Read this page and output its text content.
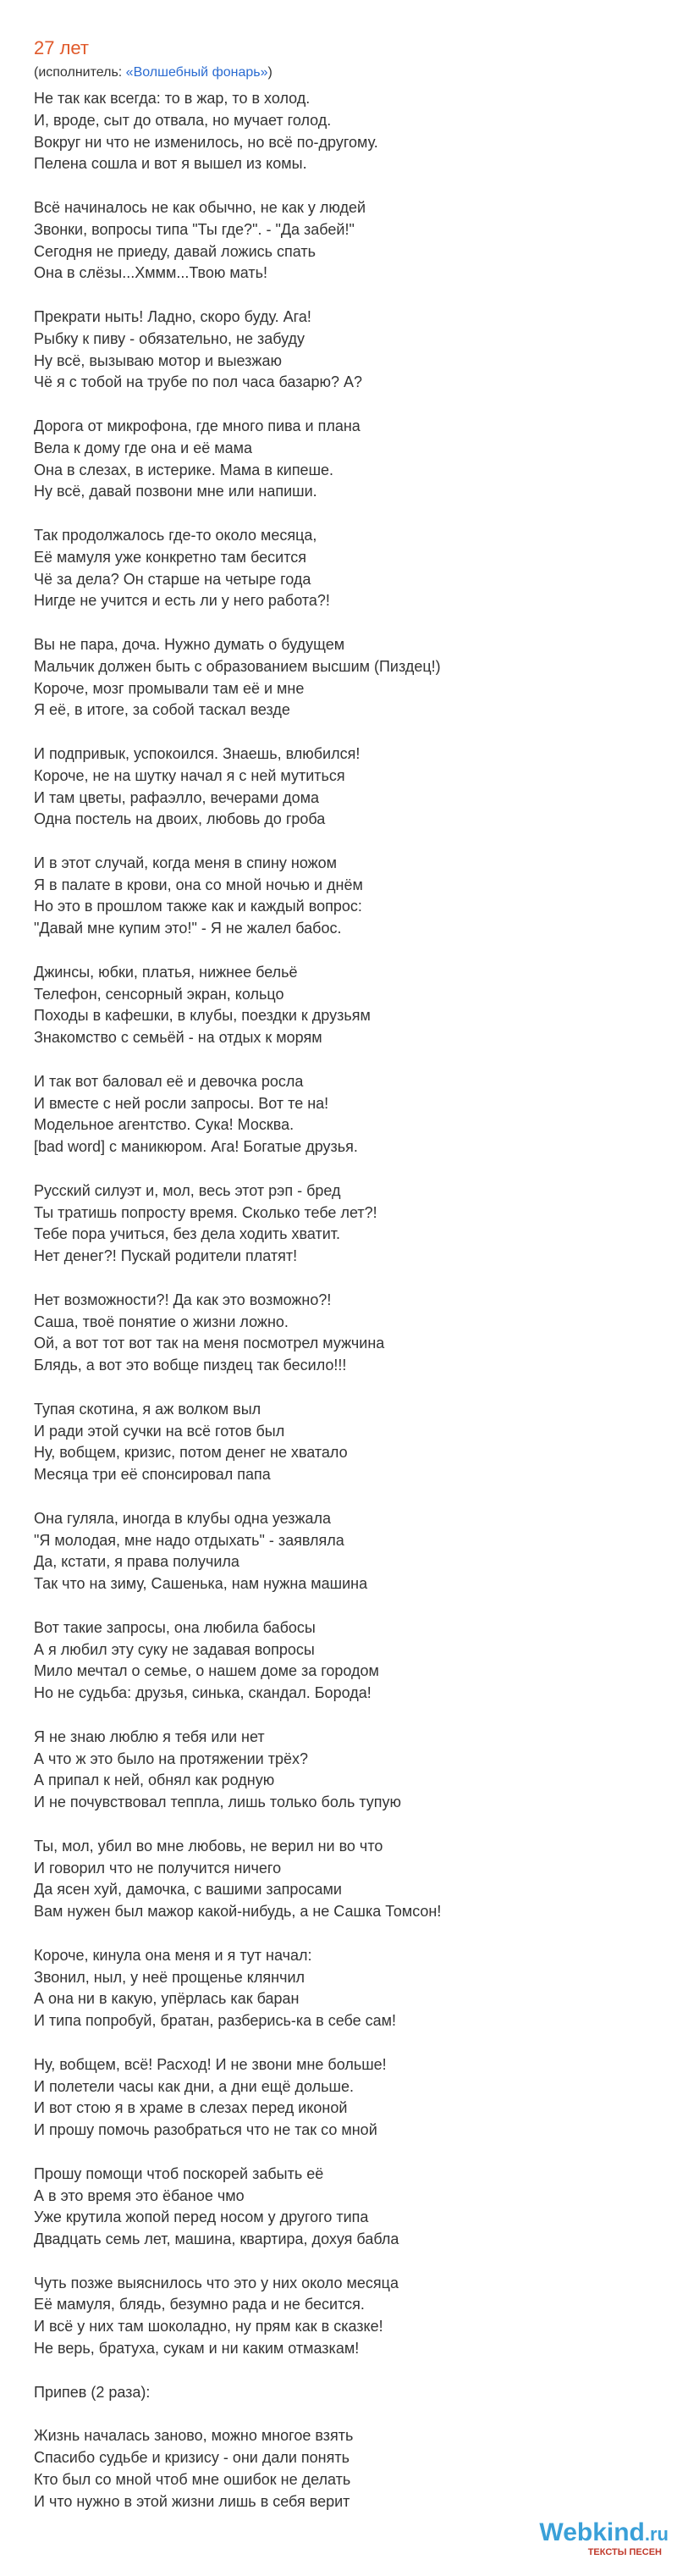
27 лет
(исполнитель: «Волшебный фонарь»)
Не так как всегда: то в жар, то в холод.
И, вроде, сыт до отвала, но мучает голод.
Вокруг ни что не изменилось, но всё по-другому.
Пелена сошла и вот я вышел из комы.
Всё начиналось не как обычно, не как у людей
Звонки, вопросы типа "Ты где?". - "Да забей!"
Сегодня не приеду, давай ложись спать
Она в слёзы...Хммм...Твою мать!
Прекрати ныть! Ладно, скоро буду. Ага!
Рыбку к пиву - обязательно, не забуду
Ну всё, вызываю мотор и выезжаю
Чё я с тобой на трубе по пол часа базарю? А?
Дорога от микрофона, где много пива и плана
Вела к дому где она и её мама
Она в слезах, в истерике. Мама в кипеше.
Ну всё, давай позвони мне или напиши.
Так продолжалось где-то около месяца,
Её мамуля уже конкретно там бесится
Чё за дела? Он старше на четыре года
Нигде не учится и есть ли у него работа?!
Вы не пара, доча. Нужно думать о будущем
Мальчик должен быть с образованием высшим (Пиздец!)
Короче, мозг промывали там её и мне
Я её, в итоге, за собой таскал везде
И подпривык, успокоился. Знаешь, влюбился!
Короче, не на шутку начал я с ней мутиться
И там цветы, рафаэлло, вечерами дома
Одна постель на двоих, любовь до гроба
И в этот случай, когда меня в спину ножом
Я в палате в крови, она со мной ночью и днём
Но это в прошлом также как и каждый вопрос:
"Давай мне купим это!" - Я не жалел бабос.
Джинсы, юбки, платья, нижнее бельё
Телефон, сенсорный экран, кольцо
Походы в кафешки, в клубы, поездки к друзьям
Знакомство с семьёй - на отдых к морям
И так вот баловал её и девочка росла
И вместе с ней росли запросы. Вот те на!
Модельное агентство. Сука! Москва.
[bad word] с маникюром. Ага! Богатые друзья.
Русский силуэт и, мол, весь этот рэп - бред
Ты тратишь попросту время. Сколько тебе лет?!
Тебе пора учиться, без дела ходить хватит.
Нет денег?! Пускай родители платят!
Нет возможности?! Да как это возможно?!
Саша, твоё понятие о жизни ложно.
Ой, а вот тот вот так на меня посмотрел мужчина
Блядь, а вот это вобще пиздец так бесило!!!
Тупая скотина, я аж волком выл
И ради этой сучки на всё готов был
Ну, вобщем, кризис, потом денег не хватало
Месяца три её спонсировал папа
Она гуляла, иногда в клубы одна уезжала
"Я молодая, мне надо отдыхать" - заявляла
Да, кстати, я права получила
Так что на зиму, Сашенька, нам нужна машина
Вот такие запросы, она любила бабосы
А я любил эту суку не задавая вопросы
Мило мечтал о семье, о нашем доме за городом
Но не судьба: друзья, синька, скандал. Борода!
Я не знаю люблю я тебя или нет
А что ж это было на протяжении трёх?
А припал к ней, обнял как родную
И не почувствовал теппла, лишь только боль тупую
Ты, мол, убил во мне любовь, не верил ни во что
И говорил что не получится ничего
Да ясен хуй, дамочка, с вашими запросами
Вам нужен был мажор какой-нибудь, а не Сашка Томсон!
Короче, кинула она меня и я тут начал:
Звонил, ныл, у неё прощенье клянчил
А она ни в какую, упёрлась как баран
И типа попробуй, братан, разберись-ка в себе сам!
Ну, вобщем, всё! Расход! И не звони мне больше!
И полетели часы как дни, а дни ещё дольше.
И вот стою я в храме в слезах перед иконой
И прошу помочь разобраться что не так со мной
Прошу помощи чтоб поскорей забыть её
А в это время это ёбаное чмо
Уже крутила жопой перед носом у другого типа
Двадцать семь лет, машина, квартира, дохуя бабла
Чуть позже выяснилось что это у них около месяца
Её мамуля, блядь, безумно рада и не бесится.
И всё у них там шоколадно, ну прям как в сказке!
Не верь, братуха, сукам и ни каким отмазкам!
Припев (2 раза):
Жизнь началась заново, можно многое взять
Спасибо судьбе и кризису - они дали понять
Кто был со мной чтоб мне ошибок не делать
И что нужно в этой жизни лишь в себя верит
Webkind.ru
ТЕКСТЫ ПЕСЕН
